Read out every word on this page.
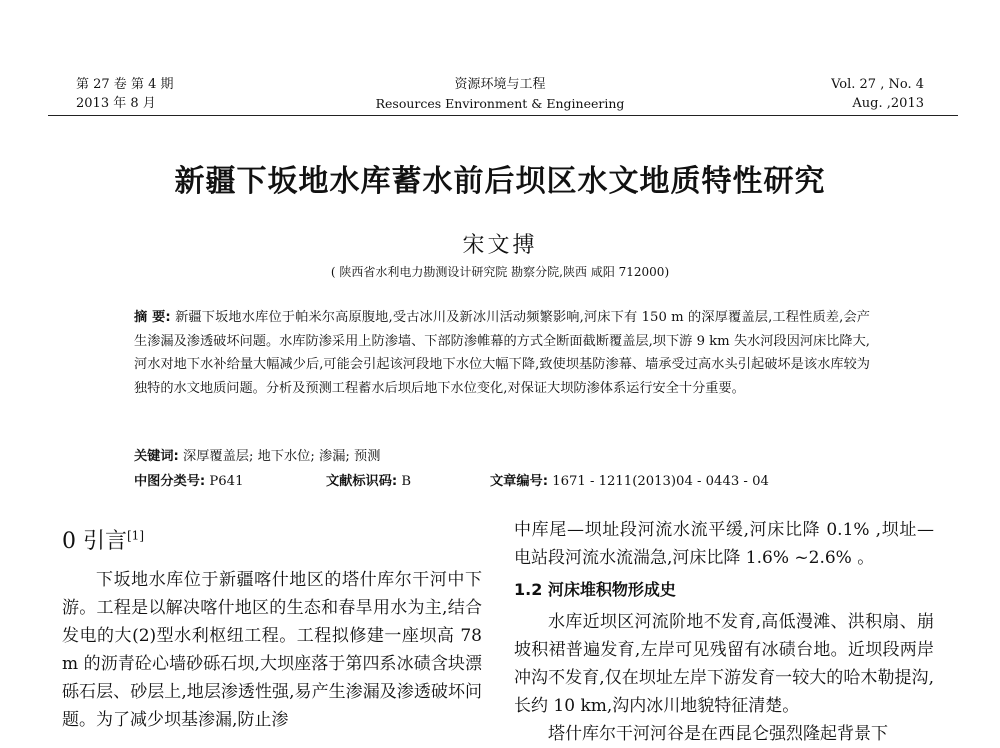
第 27 卷 第 4 期
2013 年 8 月
资源环境与工程
Resources Environment & Engineering
Vol. 27 , No. 4
Aug. ,2013
新疆下坂地水库蓄水前后坝区水文地质特性研究
宋文搏
( 陕西省水利电力勘测设计研究院 勘察分院,陕西 咸阳 712000)
摘 要: 新疆下坂地水库位于帕米尔高原腹地,受古冰川及新冰川活动频繁影响,河床下有 150 m 的深厚覆盖层,工程性质差,会产生渗漏及渗透破坏问题。水库防渗采用上防渗墙、下部防渗帷幕的方式全断面截断覆盖层,坝下游 9 km 失水河段因河床比降大,河水对地下水补给量大幅减少后,可能会引起该河段地下水位大幅下降,致使坝基防渗幕、墙承受过高水头引起破坏是该水库较为独特的水文地质问题。分析及预测工程蓄水后坝后地下水位变化,对保证大坝防渗体系运行安全十分重要。
关键词: 深厚覆盖层; 地下水位; 渗漏; 预测
中图分类号: P641	文献标识码: B	文章编号: 1671 - 1211(2013)04 - 0443 - 04
0 引言[1]

下坂地水库位于新疆喀什地区的塔什库尔干河中下游。工程是以解决喀什地区的生态和春旱用水为主,结合发电的大(2)型水利枢纽工程。工程拟修建一座坝高 78 m 的沥青砼心墙砂砾石坝,大坝座落于第四系冰碛含块漂砾石层、砂层上,地层渗透性强,易产生渗漏及渗透破坏问题。为了减少坝基渗漏,防止渗

中库尾—坝址段河流水流平缓,河床比降 0.1% ,坝址—电站段河流水流湍急,河床比降 1.6% ~2.6% 。

1.2 河床堆积物形成史

水库近坝区河流阶地不发育,高低漫滩、洪积扇、崩坡积裙普遍发育,左岸可见残留有冰碛台地。近坝段两岸冲沟不发育,仅在坝址左岸下游发育一较大的哈木勒提沟,长约 10 km,沟内冰川地貌特征清楚。

塔什库尔干河河谷是在西昆仑强烈隆起背景下
